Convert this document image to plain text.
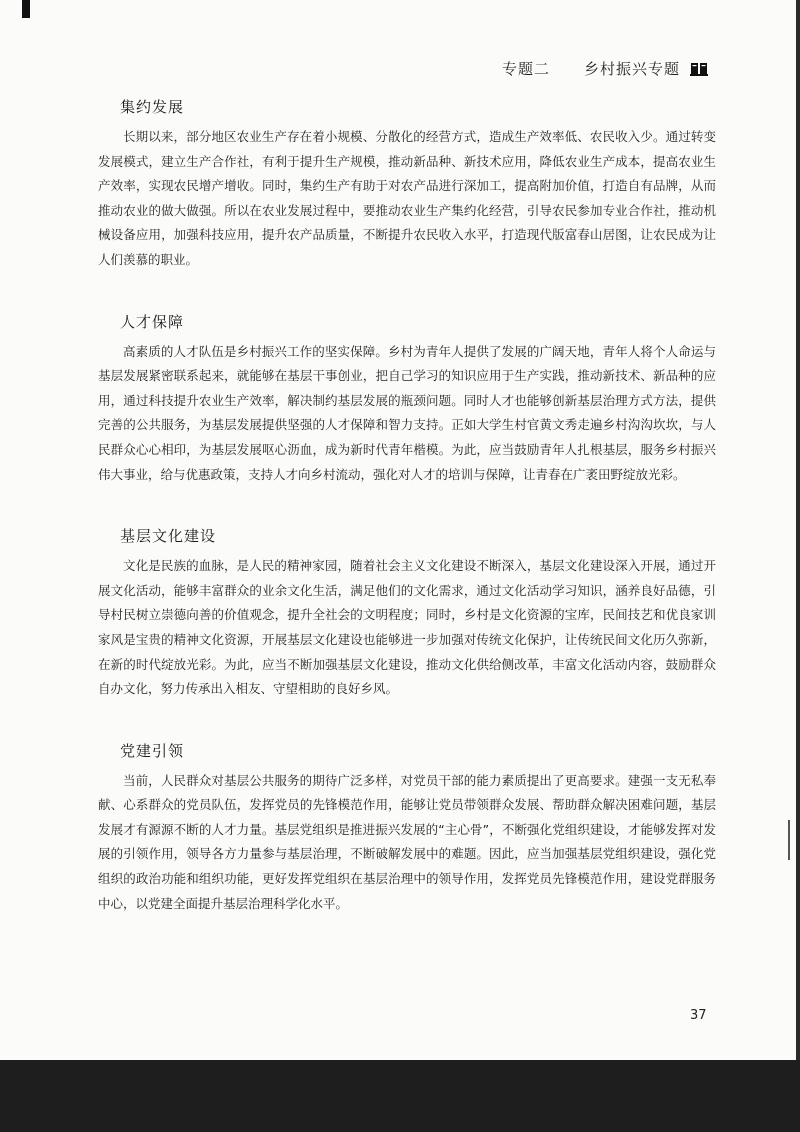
专题二 乡村振兴专题
集约发展

长期以来，部分地区农业生产存在着小规模、分散化的经营方式，造成生产效率低、农民收入少。通过转变发展模式，建立生产合作社，有利于提升生产规模，推动新品种、新技术应用，降低农业生产成本，提高农业生产效率，实现农民增产增收。同时，集约生产有助于对农产品进行深加工，提高附加价值，打造自有品牌，从而推动农业的做大做强。所以在农业发展过程中，要推动农业生产集约化经营，引导农民参加专业合作社，推动机械设备应用，加强科技应用，提升农产品质量，不断提升农民收入水平，打造现代版富春山居图，让农民成为让人们羡慕的职业。

人才保障

高素质的人才队伍是乡村振兴工作的坚实保障。乡村为青年人提供了发展的广阔天地，青年人将个人命运与基层发展紧密联系起来，就能够在基层干事创业，把自己学习的知识应用于生产实践，推动新技术、新品种的应用，通过科技提升农业生产效率，解决制约基层发展的瓶颈问题。同时人才也能够创新基层治理方式方法，提供完善的公共服务，为基层发展提供坚强的人才保障和智力支持。正如大学生村官黄文秀走遍乡村沟沟坎坎，与人民群众心心相印，为基层发展呕心沥血，成为新时代青年楷模。为此，应当鼓励青年人扎根基层，服务乡村振兴伟大事业，给与优惠政策，支持人才向乡村流动，强化对人才的培训与保障，让青春在广袤田野绽放光彩。

基层文化建设

文化是民族的血脉，是人民的精神家园，随着社会主义文化建设不断深入，基层文化建设深入开展，通过开展文化活动，能够丰富群众的业余文化生活，满足他们的文化需求，通过文化活动学习知识，涵养良好品德，引导村民树立崇德向善的价值观念，提升全社会的文明程度；同时，乡村是文化资源的宝库，民间技艺和优良家训家风是宝贵的精神文化资源，开展基层文化建设也能够进一步加强对传统文化保护，让传统民间文化历久弥新，在新的时代绽放光彩。为此，应当不断加强基层文化建设，推动文化供给侧改革，丰富文化活动内容，鼓励群众自办文化，努力传承出入相友、守望相助的良好乡风。

党建引领

当前，人民群众对基层公共服务的期待广泛多样，对党员干部的能力素质提出了更高要求。建强一支无私奉献、心系群众的党员队伍，发挥党员的先锋模范作用，能够让党员带领群众发展、帮助群众解决困难问题，基层发展才有源源不断的人才力量。基层党组织是推进振兴发展的“主心骨”，不断强化党组织建设，才能够发挥对发展的引领作用，领导各方力量参与基层治理，不断破解发展中的难题。因此，应当加强基层党组织建设，强化党组织的政治功能和组织功能，更好发挥党组织在基层治理中的领导作用，发挥党员先锋模范作用，建设党群服务中心，以党建全面提升基层治理科学化水平。

37
